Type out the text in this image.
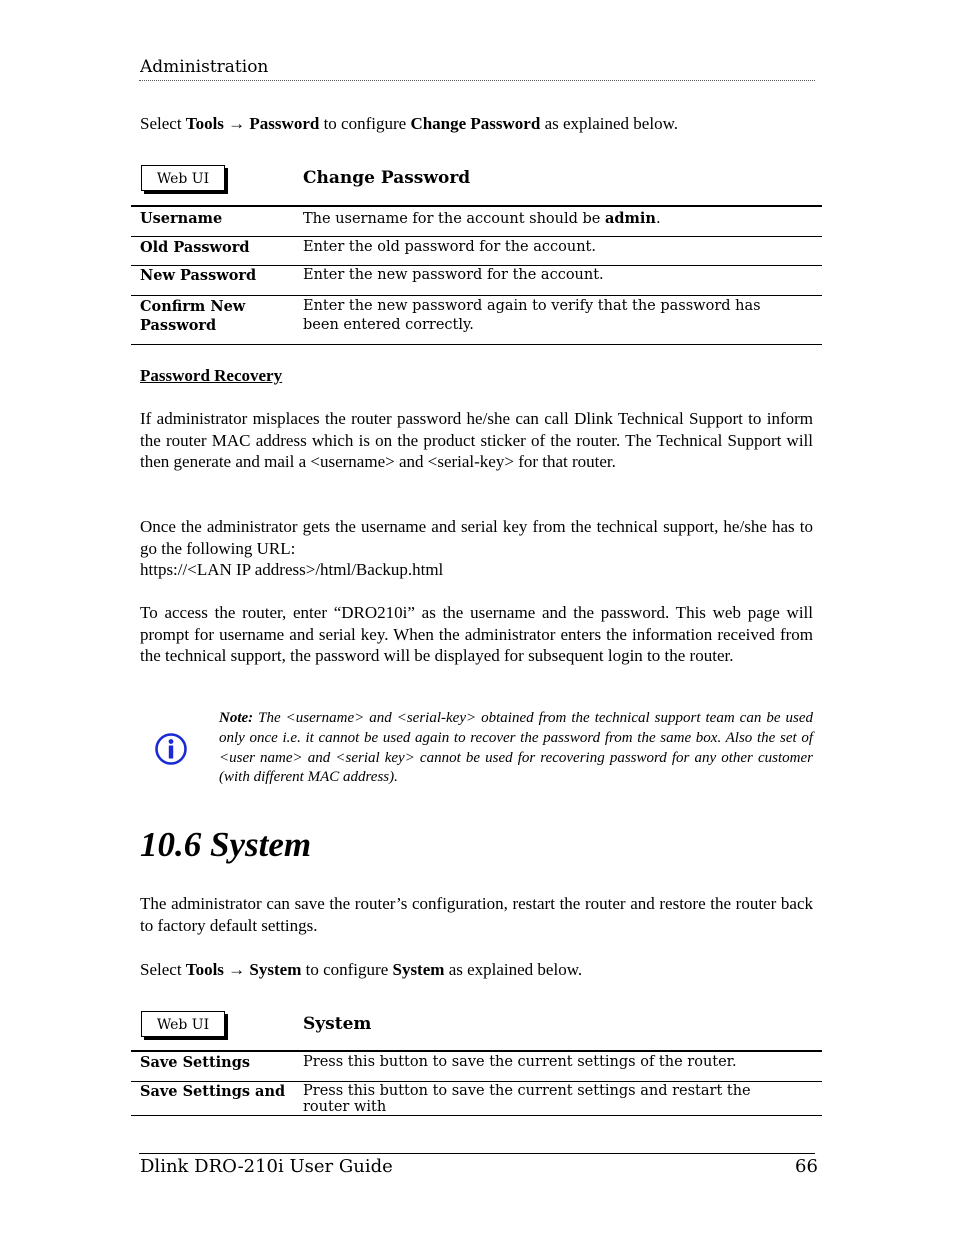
Administration
Select Tools → Password to configure Change Password as explained below.
Web UI	Change Password
Username	The username for the account should be admin.
Old Password	Enter the old password for the account.
New Password	Enter the new password for the account.
Confirm New
Password	Enter the new password again to verify that the password has been entered correctly.
Password Recovery
If administrator misplaces the router password he/she can call Dlink Technical Support to inform the router MAC address which is on the product sticker of the router. The Technical Support will then generate and mail a <username> and <serial-key> for that router.
Once the administrator gets the username and serial key from the technical support, he/she has to go the following URL:
https://<LAN IP address>/html/Backup.html
To access the router, enter “DRO210i” as the username and the password. This web page will prompt for username and serial key. When the administrator enters the information received from the technical support, the password will be displayed for subsequent login to the router.
Note: The <username> and <serial-key> obtained from the technical support team can be used only once i.e. it cannot be used again to recover the password from the same box. Also the set of <user name> and <serial key> cannot be used for recovering password for any other customer (with different MAC address).
10.6 System
The administrator can save the router’s configuration, restart the router and restore the router back to factory default settings.
Select Tools → System to configure System as explained below.
Web UI	System
Save Settings	Press this button to save the current settings of the router.
Save Settings and	Press this button to save the current settings and restart the router with
Dlink DRO-210i User Guide	66
